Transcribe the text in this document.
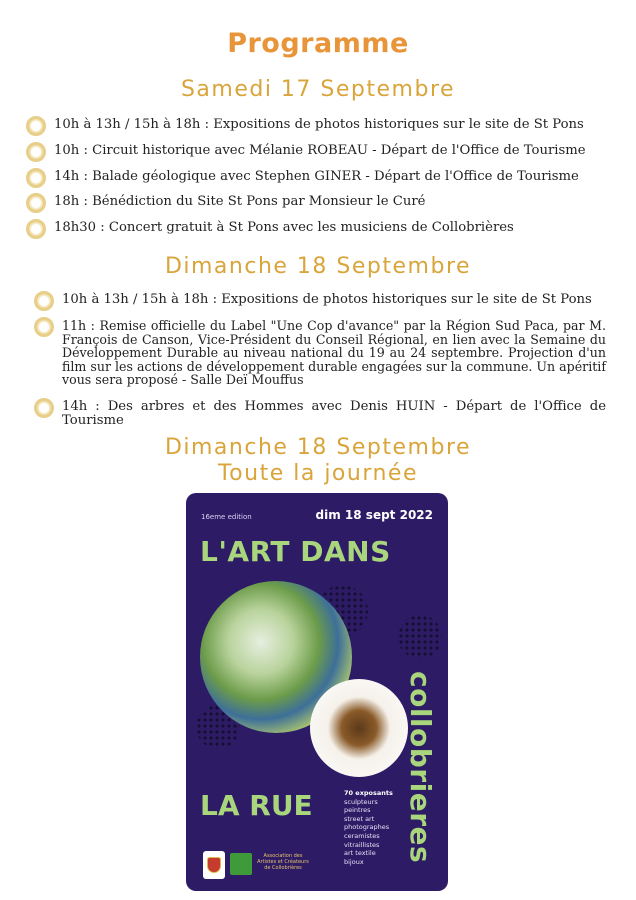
Programme
Samedi 17 Septembre
10h à 13h / 15h à 18h : Expositions de photos historiques sur le site de St Pons
10h : Circuit historique avec Mélanie ROBEAU - Départ de l'Office de Tourisme
14h : Balade géologique avec Stephen GINER - Départ de l'Office de Tourisme
18h : Bénédiction du Site St Pons par Monsieur le Curé
18h30 : Concert gratuit à St Pons avec les musiciens de Collobrières
Dimanche 18 Septembre
10h à 13h / 15h à 18h : Expositions de photos historiques sur le site de St Pons
11h : Remise officielle du Label "Une Cop d'avance" par la Région Sud Paca, par M. François de Canson, Vice-Président du Conseil Régional, en lien avec la Semaine du Développement Durable au niveau national du 19 au 24 septembre. Projection d'un film sur les actions de développement durable engagées sur la commune. Un apéritif vous sera proposé - Salle Deï Mouffus
14h : Des arbres et des Hommes avec Denis HUIN - Départ de l'Office de Tourisme
Dimanche 18 Septembre
Toute la journée
16eme edition	dim 18 sept 2022
L'ART DANS
collobrieres
LA RUE	70 exposants
sculpteurs
peintres
street art
photographes
ceramistes
vitraillistes
art textile
bijoux
Association des Artistes et Créateurs de Collobrières
